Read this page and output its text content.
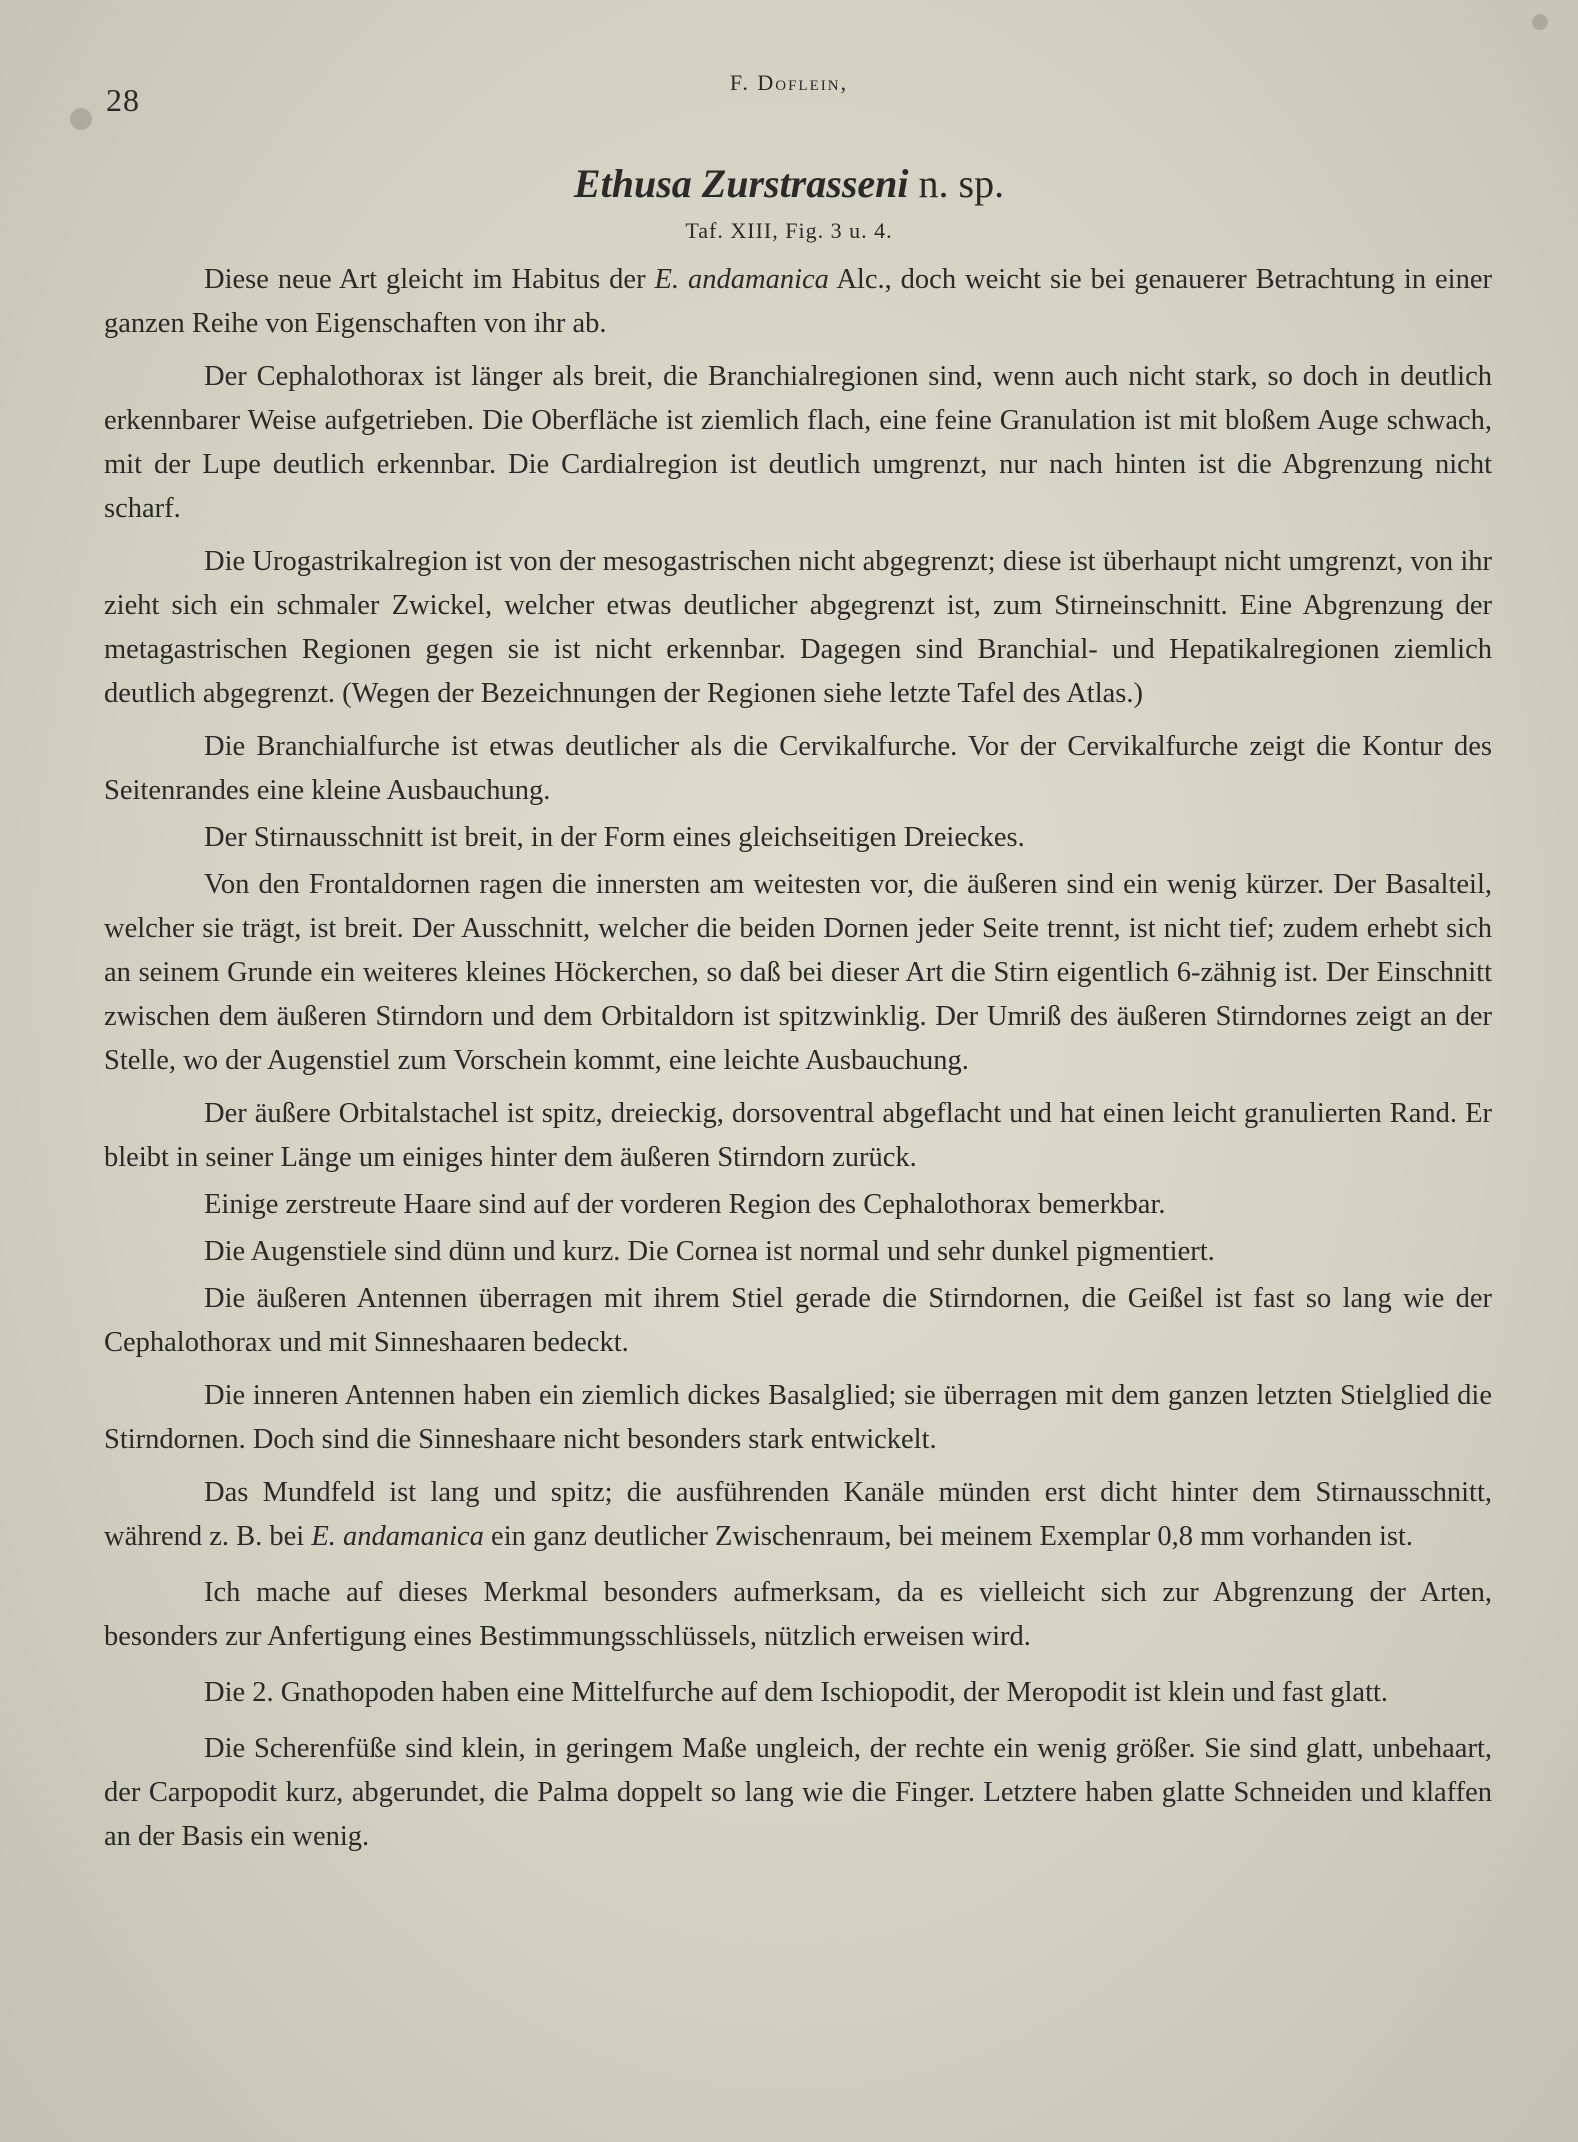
28	F. Doflein,
Ethusa Zurstrasseni n. sp.
Taf. XIII, Fig. 3 u. 4.

Diese neue Art gleicht im Habitus der E. andamanica Alc., doch weicht sie bei genauerer Betrachtung in einer ganzen Reihe von Eigenschaften von ihr ab.

Der Cephalothorax ist länger als breit, die Branchialregionen sind, wenn auch nicht stark, so doch in deutlich erkennbarer Weise aufgetrieben. Die Oberfläche ist ziemlich flach, eine feine Granulation ist mit bloßem Auge schwach, mit der Lupe deutlich erkennbar. Die Cardialregion ist deutlich umgrenzt, nur nach hinten ist die Abgrenzung nicht scharf.

Die Urogastrikalregion ist von der mesogastrischen nicht abgegrenzt; diese ist überhaupt nicht umgrenzt, von ihr zieht sich ein schmaler Zwickel, welcher etwas deutlicher abgegrenzt ist, zum Stirneinschnitt. Eine Abgrenzung der metagastrischen Regionen gegen sie ist nicht erkennbar. Dagegen sind Branchial- und Hepatikalregionen ziemlich deutlich abgegrenzt. (Wegen der Bezeichnungen der Regionen siehe letzte Tafel des Atlas.)

Die Branchialfurche ist etwas deutlicher als die Cervikalfurche. Vor der Cervikalfurche zeigt die Kontur des Seitenrandes eine kleine Ausbauchung.

Der Stirnausschnitt ist breit, in der Form eines gleichseitigen Dreieckes.

Von den Frontaldornen ragen die innersten am weitesten vor, die äußeren sind ein wenig kürzer. Der Basalteil, welcher sie trägt, ist breit. Der Ausschnitt, welcher die beiden Dornen jeder Seite trennt, ist nicht tief; zudem erhebt sich an seinem Grunde ein weiteres kleines Höckerchen, so daß bei dieser Art die Stirn eigentlich 6-zähnig ist. Der Einschnitt zwischen dem äußeren Stirndorn und dem Orbitaldorn ist spitzwinklig. Der Umriß des äußeren Stirndornes zeigt an der Stelle, wo der Augenstiel zum Vorschein kommt, eine leichte Ausbauchung.

Der äußere Orbitalstachel ist spitz, dreieckig, dorsoventral abgeflacht und hat einen leicht granulierten Rand. Er bleibt in seiner Länge um einiges hinter dem äußeren Stirndorn zurück.

Einige zerstreute Haare sind auf der vorderen Region des Cephalothorax bemerkbar.

Die Augenstiele sind dünn und kurz. Die Cornea ist normal und sehr dunkel pigmentiert.

Die äußeren Antennen überragen mit ihrem Stiel gerade die Stirndornen, die Geißel ist fast so lang wie der Cephalothorax und mit Sinneshaaren bedeckt.

Die inneren Antennen haben ein ziemlich dickes Basalglied; sie überragen mit dem ganzen letzten Stielglied die Stirndornen. Doch sind die Sinneshaare nicht besonders stark entwickelt.

Das Mundfeld ist lang und spitz; die ausführenden Kanäle münden erst dicht hinter dem Stirnausschnitt, während z. B. bei E. andamanica ein ganz deutlicher Zwischenraum, bei meinem Exemplar 0,8 mm vorhanden ist.

Ich mache auf dieses Merkmal besonders aufmerksam, da es vielleicht sich zur Abgrenzung der Arten, besonders zur Anfertigung eines Bestimmungsschlüssels, nützlich erweisen wird.

Die 2. Gnathopoden haben eine Mittelfurche auf dem Ischiopodit, der Meropodit ist klein und fast glatt.

Die Scherenfüße sind klein, in geringem Maße ungleich, der rechte ein wenig größer. Sie sind glatt, unbehaart, der Carpopodit kurz, abgerundet, die Palma doppelt so lang wie die Finger. Letztere haben glatte Schneiden und klaffen an der Basis ein wenig.
